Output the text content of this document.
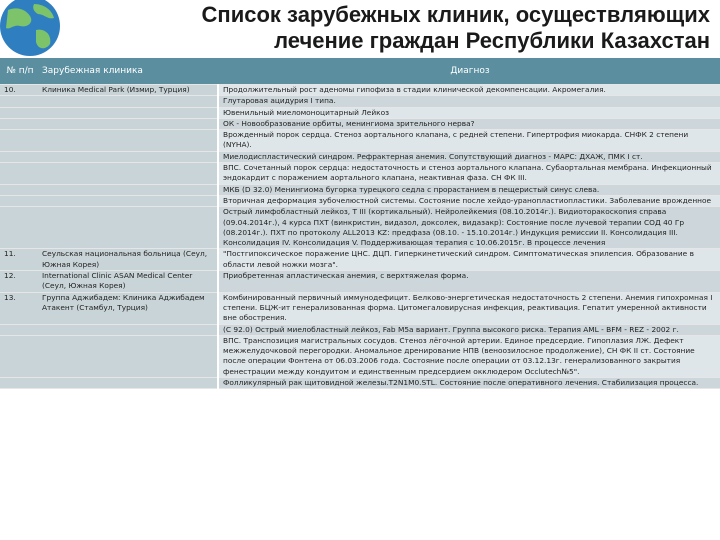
Список зарубежных клиник, осуществляющих
лечение граждан Республики Казахстан
№ п/п	Зарубежная клиника	Диагноз
10.	Клиника Medical Park (Измир, Турция)	Продолжительный рост аденомы гипофиза в стадии клинической декомпенсации. Акромегалия.
		Глутаровая ацидурия I типа.
		Ювенильный миеломоноцитарный Лейкоз
		ОК - Новообразование орбиты, менингиома зрительного нерва?
		Врожденный порок сердца. Стеноз аортального клапана, с редней степени. Гипертрофия миокарда. СНФК 2 степени (NYHA).
		Миелодиспластический синдром. Рефрактерная анемия. Сопутствующий диагноз - МАРС: ДХАЖ, ПМК I ст.
		ВПС. Сочетанный порок сердца: недостаточность и стеноз аортального клапана. Субаортальная мембрана. Инфекционный эндокардит с поражением аортального клапана, неактивная фаза. СН ФК III.
		МКБ (D 32.0) Менингиома бугорка турецкого седла с прорастанием в пещеристый синус слева.
		Вторичная деформация зубочелюстной системы. Состояние после хейдо-уранопластиопластики. Заболевание врожденное
		Острый лимфобластный лейкоз, T III (кортикальный). Нейролейкемия (08.10.2014г.). Видиоторакоскопия справа (09.04.2014г.), 4 курса ПХТ (винкристин, видазол, доксолек, видазакр): Состояние после лучевой терапии СОД 40 Гр (08.2014г.). ПХТ по протоколу ALL2013 KZ: предфаза (08.10. - 15.10.2014г.) Индукция ремиссии II. Консолидация III. Консолидация IV. Консолидация V. Поддерживающая терапия с 10.06.2015г. В процессе лечения
11.	Сеульская национальная больница (Сеул, Южная Корея)	"Постгипоксическое поражение ЦНС. ДЦП. Гиперкинетический синдром. Симптоматическая эпилепсия. Образование в области левой ножки мозга".
12.	International Clinic ASAN Medical Center (Сеул, Южная Корея)	Приобретенная апластическая анемия, с верхтяжелая форма.
13.	Группа Аджибадем: Клиника Аджибадем Атакент (Стамбул, Турция)	Комбинированный первичный иммунодефицит. Белково-энергетическая недостаточность 2 степени. Анемия гипохромная I степени. БЦЖ-ит генерализованная форма. Цитомегаловирусная инфекция, реактивация. Гепатит умеренной активности вне обострения.
		(C 92.0) Острый миелобластный лейкоз, Fab M5a вариант. Группа высокого риска. Терапия AML - BFM - REZ - 2002 г.
		ВПС. Транспозиция магистральных сосудов. Стеноз лёгочной артерии. Единое предсердие. Гипоплазия ЛЖ. Дефект межжелудочковой перегородки. Аномальное дренирование НПВ (веноозилосное продолжение), СН ФК II ст. Состояние после операции Фонтена от 06.03.2006 года. Состояние после операции от 03.12.13г. генерализованного закрытия фенестрации между кондуитом и единственным предсердием окклюдером Occlutech№5".
		Фолликулярный рак щитовидной железы.T2N1M0.STL. Состояние после оперативного лечения. Стабилизация процесса.
